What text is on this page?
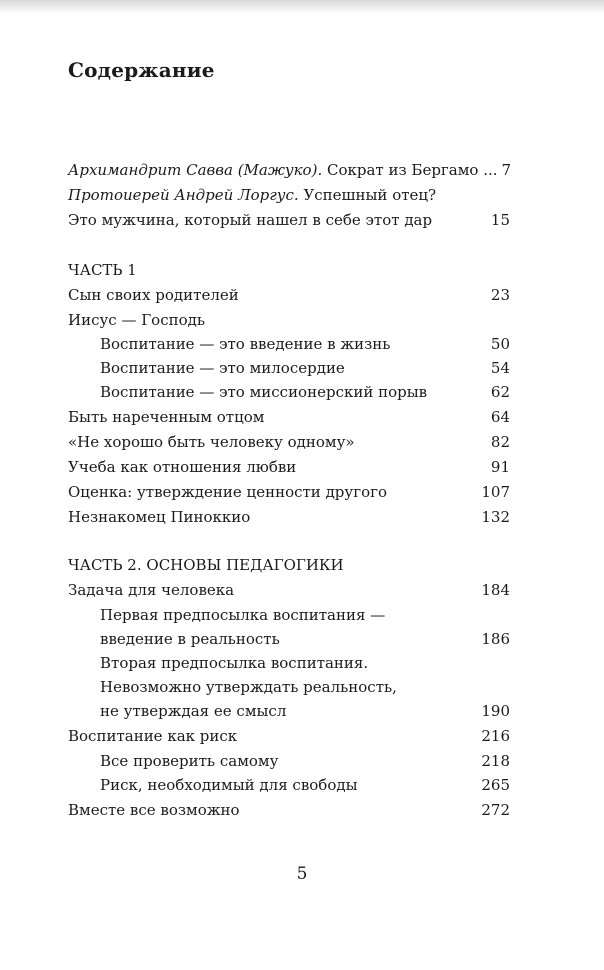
Содержание
Архимандрит Савва (Мажуко). Сократ из Бергамо ... 7
Протоиерей Андрей Лоргус. Успешный отец?
Это мужчина, который нашел в себе этот дар	15
ЧАСТЬ 1
Сын своих родителей	23
Иисус — Господь
Воспитание — это введение в жизнь	50
Воспитание — это милосердие	54
Воспитание — это миссионерский порыв	62
Быть нареченным отцом	64
«Не хорошо быть человеку одному»	82
Учеба как отношения любви	91
Оценка: утверждение ценности другого	107
Незнакомец Пиноккио	132
ЧАСТЬ 2. ОСНОВЫ ПЕДАГОГИКИ
Задача для человека	184
Первая предпосылка воспитания —
введение в реальность	186
Вторая предпосылка воспитания.
Невозможно утверждать реальность,
не утверждая ее смысл	190
Воспитание как риск	216
Все проверить самому	218
Риск, необходимый для свободы	265
Вместе все возможно	272
5
